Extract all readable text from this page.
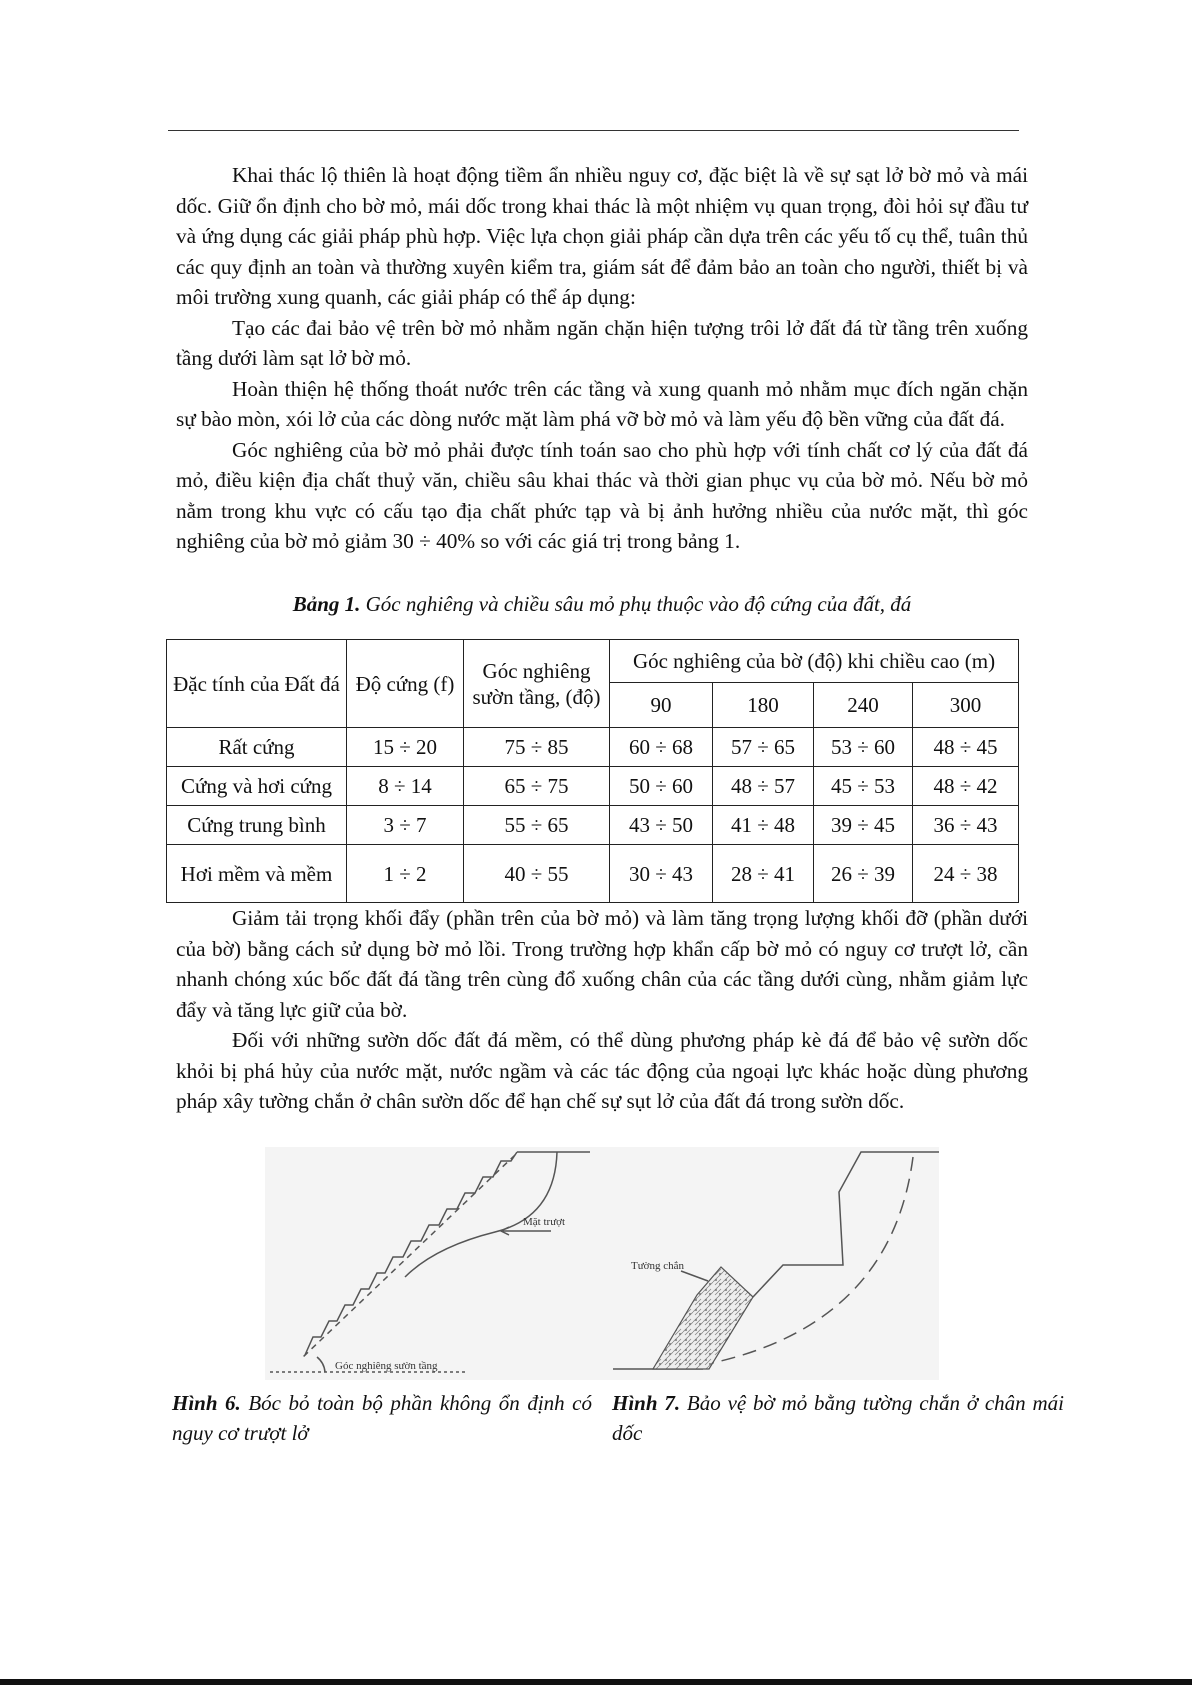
Khai thác lộ thiên là hoạt động tiềm ẩn nhiều nguy cơ, đặc biệt là về sự sạt lở bờ mỏ và mái dốc. Giữ ổn định cho bờ mỏ, mái dốc trong khai thác là một nhiệm vụ quan trọng, đòi hỏi sự đầu tư và ứng dụng các giải pháp phù hợp. Việc lựa chọn giải pháp cần dựa trên các yếu tố cụ thể, tuân thủ các quy định an toàn và thường xuyên kiểm tra, giám sát để đảm bảo an toàn cho người, thiết bị và môi trường xung quanh, các giải pháp có thể áp dụng:

Tạo các đai bảo vệ trên bờ mỏ nhằm ngăn chặn hiện tượng trôi lở đất đá từ tầng trên xuống tầng dưới làm sạt lở bờ mỏ.

Hoàn thiện hệ thống thoát nước trên các tầng và xung quanh mỏ nhằm mục đích ngăn chặn sự bào mòn, xói lở của các dòng nước mặt làm phá vỡ bờ mỏ và làm yếu độ bền vững của đất đá.

Góc nghiêng của bờ mỏ phải được tính toán sao cho phù hợp với tính chất cơ lý của đất đá mỏ, điều kiện địa chất thuỷ văn, chiều sâu khai thác và thời gian phục vụ của bờ mỏ. Nếu bờ mỏ nằm trong khu vực có cấu tạo địa chất phức tạp và bị ảnh hưởng nhiều của nước mặt, thì góc nghiêng của bờ mỏ giảm 30 ÷ 40% so với các giá trị trong bảng 1.

Bảng 1. Góc nghiêng và chiều sâu mỏ phụ thuộc vào độ cứng của đất, đá
Đặc tính của Đất đá	Độ cứng (f)	Góc nghiêng sườn tầng, (độ)	Góc nghiêng của bờ (độ) khi chiều cao (m)			
			90	180	240	300
Rất cứng	15 ÷ 20	75 ÷ 85	60 ÷ 68	57 ÷ 65	53 ÷ 60	48 ÷ 45
Cứng và hơi cứng	8 ÷ 14	65 ÷ 75	50 ÷ 60	48 ÷ 57	45 ÷ 53	48 ÷ 42
Cứng trung bình	3 ÷ 7	55 ÷ 65	43 ÷ 50	41 ÷ 48	39 ÷ 45	36 ÷ 43
Hơi mềm và mềm	1 ÷ 2	40 ÷ 55	30 ÷ 43	28 ÷ 41	26 ÷ 39	24 ÷ 38

Giảm tải trọng khối đẩy (phần trên của bờ mỏ) và làm tăng trọng lượng khối đỡ (phần dưới của bờ) bằng cách sử dụng bờ mỏ lồi. Trong trường hợp khẩn cấp bờ mỏ có nguy cơ trượt lở, cần nhanh chóng xúc bốc đất đá tầng trên cùng đổ xuống chân của các tầng dưới cùng, nhằm giảm lực đẩy và tăng lực giữ của bờ.

Đối với những sườn dốc đất đá mềm, có thể dùng phương pháp kè đá để bảo vệ sườn dốc khỏi bị phá hủy của nước mặt, nước ngầm và các tác động của ngoại lực khác hoặc dùng phương pháp xây tường chắn ở chân sườn dốc để hạn chế sự sụt lở của đất đá trong sườn dốc.

Mặt trượt
Góc nghiêng sườn tầng
Tường chắn
Hình 6. Bóc bỏ toàn bộ phần không ổn định có nguy cơ trượt lở
Hình 7. Bảo vệ bờ mỏ bằng tường chắn ở chân mái dốc
